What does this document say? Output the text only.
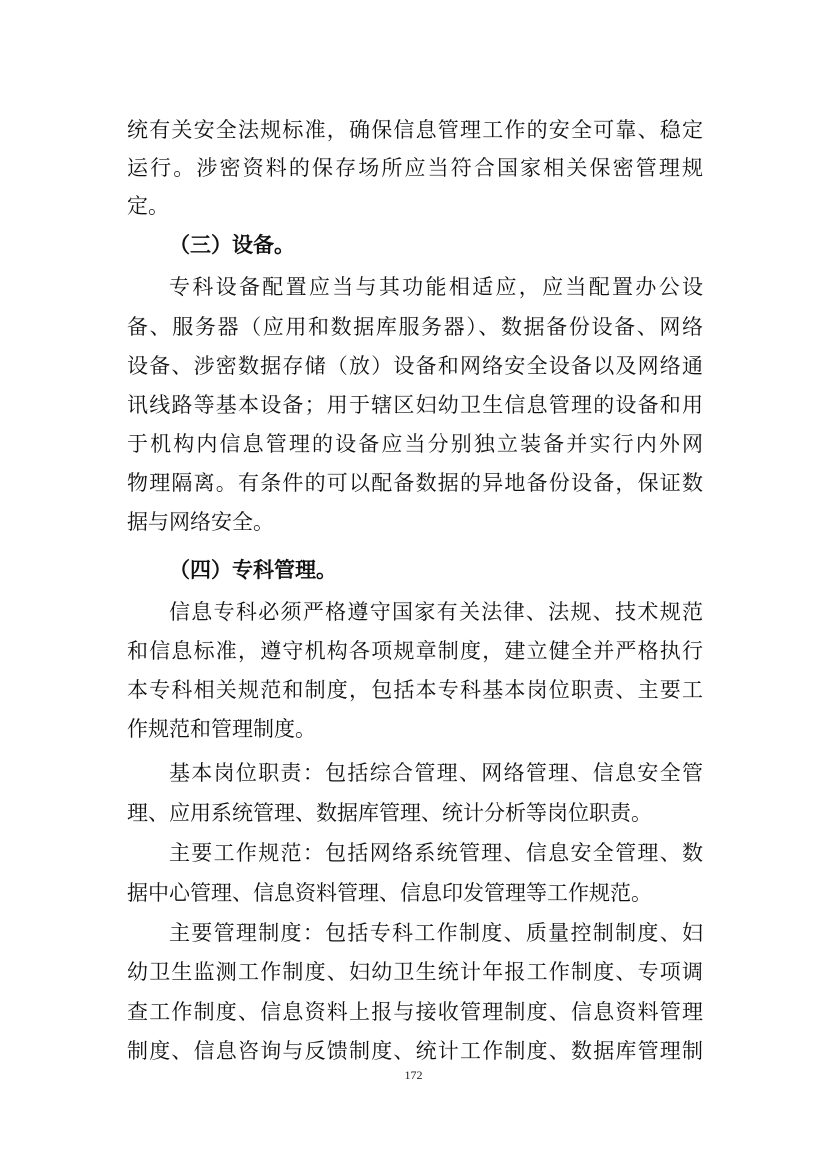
统有关安全法规标准，确保信息管理工作的安全可靠、稳定
运行。涉密资料的保存场所应当符合国家相关保密管理规
定。
（三）设备。
专科设备配置应当与其功能相适应，应当配置办公设
备、服务器（应用和数据库服务器）、数据备份设备、网络
设备、涉密数据存储（放）设备和网络安全设备以及网络通
讯线路等基本设备；用于辖区妇幼卫生信息管理的设备和用
于机构内信息管理的设备应当分别独立装备并实行内外网
物理隔离。有条件的可以配备数据的异地备份设备，保证数
据与网络安全。
（四）专科管理。
信息专科必须严格遵守国家有关法律、法规、技术规范
和信息标准，遵守机构各项规章制度，建立健全并严格执行
本专科相关规范和制度，包括本专科基本岗位职责、主要工
作规范和管理制度。
基本岗位职责：包括综合管理、网络管理、信息安全管
理、应用系统管理、数据库管理、统计分析等岗位职责。
主要工作规范：包括网络系统管理、信息安全管理、数
据中心管理、信息资料管理、信息印发管理等工作规范。
主要管理制度：包括专科工作制度、质量控制制度、妇
幼卫生监测工作制度、妇幼卫生统计年报工作制度、专项调
查工作制度、信息资料上报与接收管理制度、信息资料管理
制度、信息咨询与反馈制度、统计工作制度、数据库管理制
172
